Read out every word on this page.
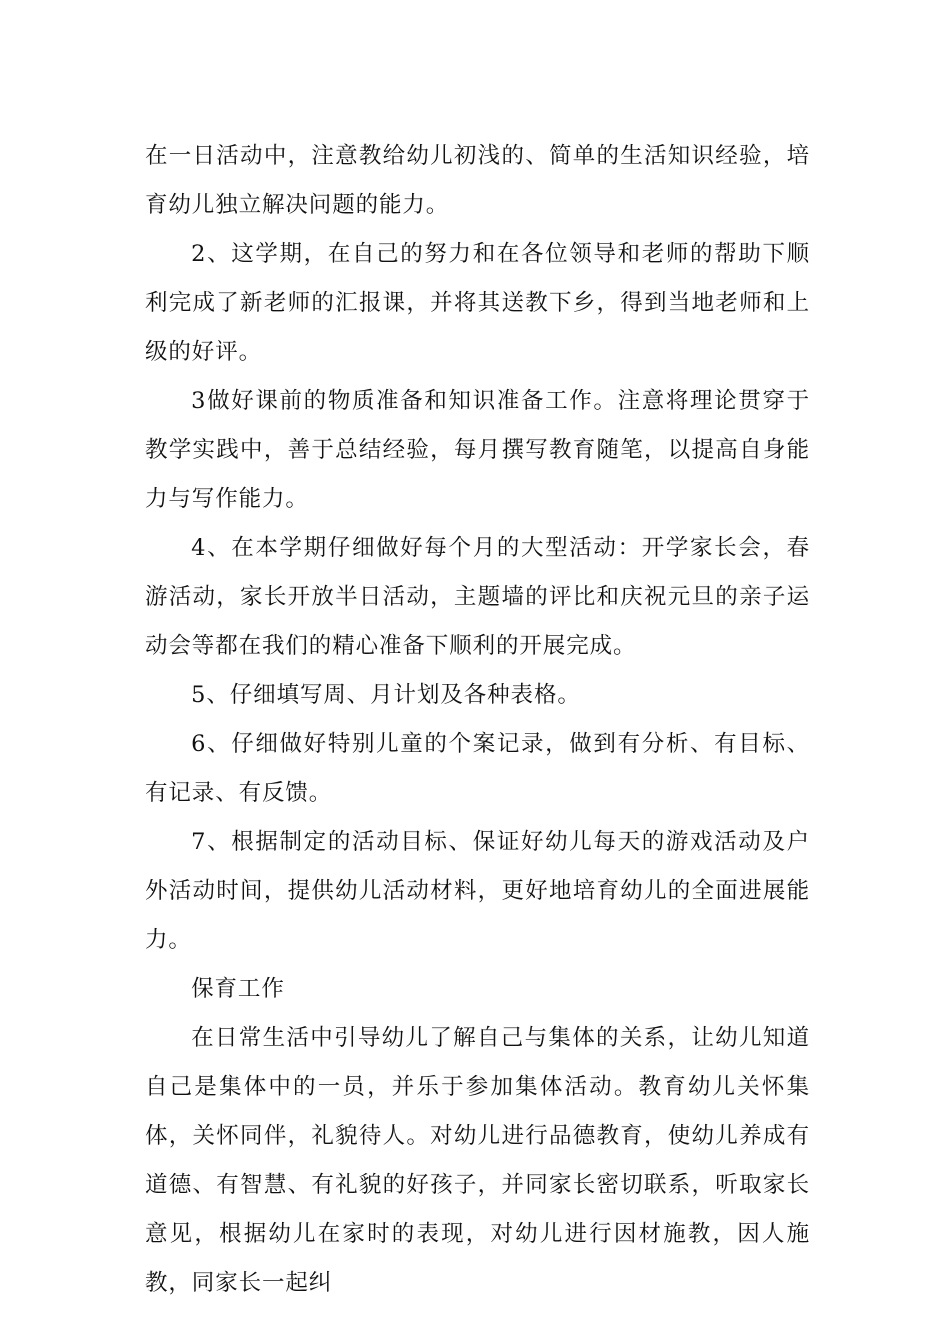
在一日活动中，注意教给幼儿初浅的、简单的生活知识经验，培育幼儿独立解决问题的能力。

2、这学期，在自己的努力和在各位领导和老师的帮助下顺利完成了新老师的汇报课，并将其送教下乡，得到当地老师和上级的好评。

3做好课前的物质准备和知识准备工作。注意将理论贯穿于教学实践中，善于总结经验，每月撰写教育随笔，以提高自身能力与写作能力。

4、在本学期仔细做好每个月的大型活动：开学家长会，春游活动，家长开放半日活动，主题墙的评比和庆祝元旦的亲子运动会等都在我们的精心准备下顺利的开展完成。

5、仔细填写周、月计划及各种表格。

6、仔细做好特别儿童的个案记录，做到有分析、有目标、有记录、有反馈。

7、根据制定的活动目标、保证好幼儿每天的游戏活动及户外活动时间，提供幼儿活动材料，更好地培育幼儿的全面进展能力。

保育工作

在日常生活中引导幼儿了解自己与集体的关系，让幼儿知道自己是集体中的一员，并乐于参加集体活动。教育幼儿关怀集体，关怀同伴，礼貌待人。对幼儿进行品德教育，使幼儿养成有道德、有智慧、有礼貌的好孩子，并同家长密切联系，听取家长意见，根据幼儿在家时的表现，对幼儿进行因材施教，因人施教，同家长一起纠
